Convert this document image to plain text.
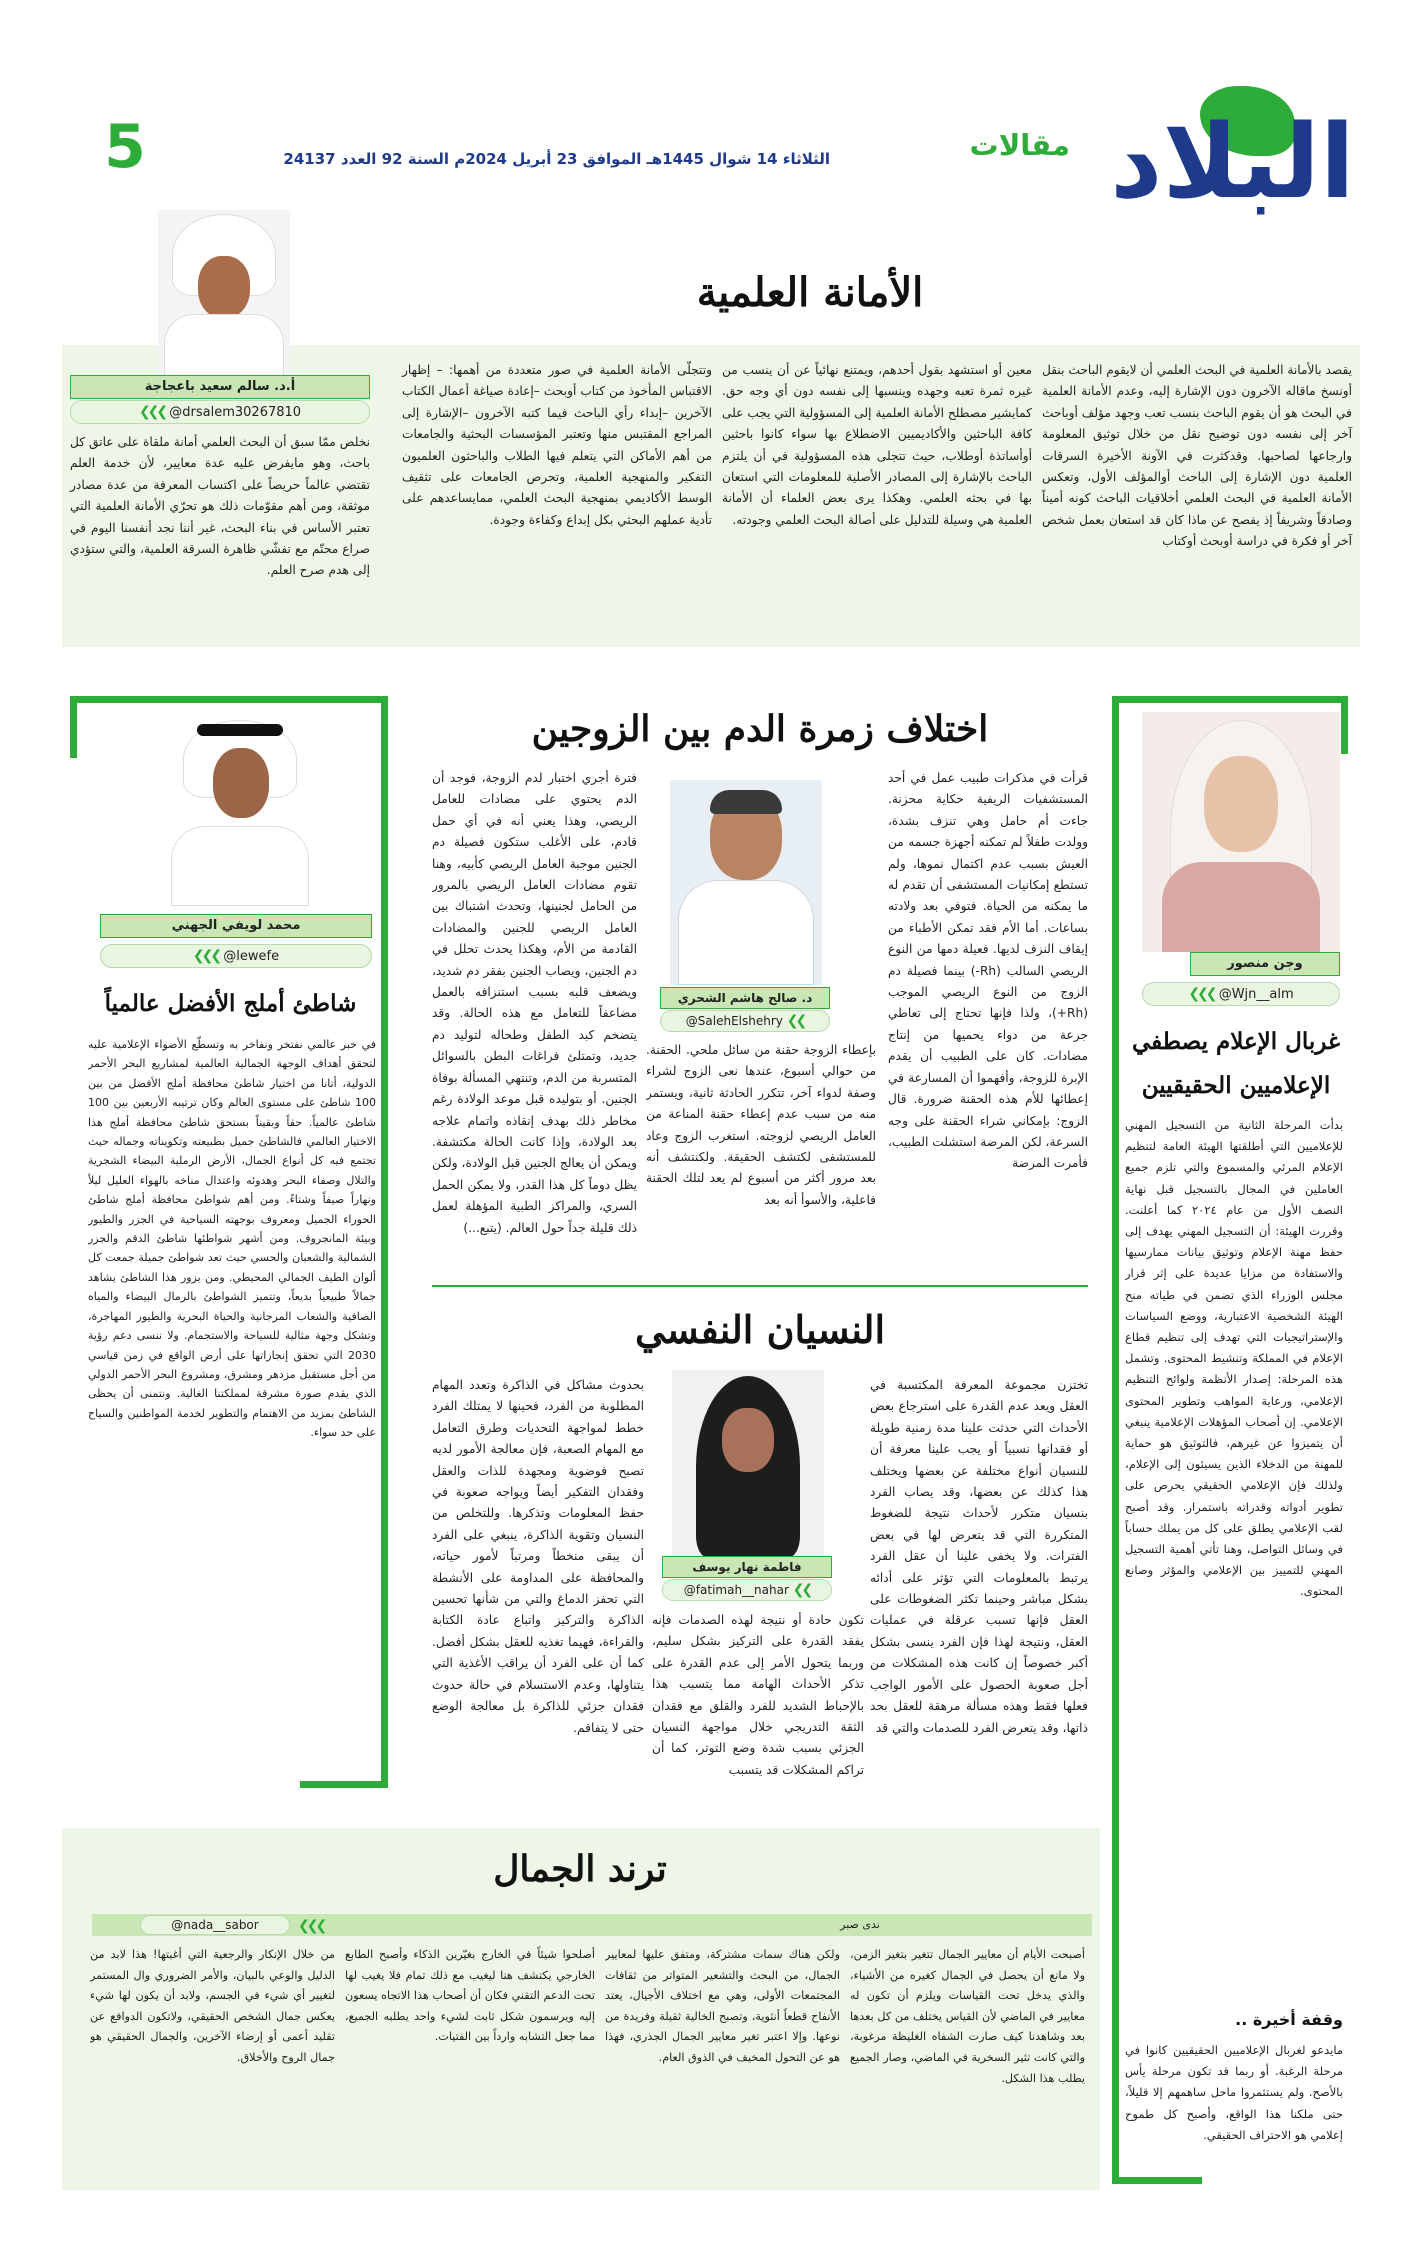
البلاد
مقالات
الثلاثاء 14 شوال 1445هـ الموافق 23 أبريل 2024م السنة 92 العدد 24137
5
الأمانة العلمية
أ.د. سالم سعيد باعجاجة
❮❮❮ @drsalem30267810
يقصد بالأمانة العلمية في البحث العلمي أن لايقوم الباحث بنقل أونسخ ماقاله الآخرون دون الإشارة إليه، وعدم الأمانة العلمية في البحث هو أن يقوم الباحث بنسب تعب وجهد مؤلف أوباحث آخر إلى نفسه دون توضيح نقل من خلال توثيق المعلومة وارجاعها لصاحبها. وقدكثرت في الآونة الأخيرة السرقات العلمية دون الإشارة إلى الباحث أوالمؤلف الأول، وتعكس الأمانة العلمية في البحث العلمي أخلاقيات الباحث كونه أميناً وصادقاً وشريفاً إذ يفصح عن ماذا كان قد استعان بعمل شخص آخر أو فكرة في دراسة أوبحث أوكتاب
معين أو استشهد بقول أحدهم، ويمتنع نهائياً عن أن ينسب من غيره ثمرة تعبه وجهده وينسبها إلى نفسه دون أي وجه حق. كمايشير مصطلح الأمانة العلمية إلى المسؤولية التي يجب على كافة الباحثين والأكاديميين الاضطلاع بها سواء كانوا باحثين أوأساتذة أوطلاب، حيث تتجلى هذه المسؤولية في أن يلتزم الباحث بالإشارة إلى المصادر الأصلية للمعلومات التي استعان بها في بحثه العلمي. وهكذا يرى بعض العلماء أن الأمانة العلمية هي وسيلة للتدليل على أصالة البحث العلمي وجودته.
وتتجلّى الأمانة العلمية في صور متعددة من أهمها: – إظهار الاقتباس المأخوذ من كتاب أوبحث –إعادة صياغة أعمال الكتاب الآخرين –إبداء رأي الباحث فيما كتبه الآخرون –الإشارة إلى المراجع المقتبس منها وتعتبر المؤسسات البحثية والجامعات من أهم الأماكن التي يتعلم فيها الطلاب والباحثون العلميون التفكير والمنهجية العلمية، وتحرص الجامعات على تثقيف الوسط الأكاديمي بمنهجية البحث العلمي، ممايساعدهم على تأدية عملهم البحثي بكل إبداع وكفاءة وجودة.
نخلص ممّا سبق أن البحث العلمي أمانة ملقاة على عاتق كل باحث، وهو مايفرض عليه عدة معايير، لأن خدمة العلم تقتضي عالماً حريصاً على اكتساب المعرفة من عدة مصادر موثقة، ومن أهم مقوّمات ذلك هو تحرّي الأمانة العلمية التي تعتبر الأساس في بناء البحث، غير أننا نجد أنفسنا اليوم في صراع محتّم مع تفشّي ظاهرة السرقة العلمية، والتي ستؤدي إلى هدم صرح العلم.
وجن منصور
❮❮❮ @Wjn__alm
غربال الإعلام يصطفي
الإعلاميين الحقيقيين
بدأت المرحلة الثانية من التسجيل المهني للإعلاميين التي أطلقتها الهيئة العامة لتنظيم الإعلام المرئي والمسموع والتي تلزم جميع العاملين في المجال بالتسجيل قبل نهاية النصف الأول من عام ٢٠٢٤ كما أعلنت. وقررت الهيئة: أن التسجيل المهني يهدف إلى حفظ مهنة الإعلام وتوثيق بيانات ممارسيها والاستفادة من مزايا عديدة على إثر قرار مجلس الوزراء الذي تضمن في طياته منح الهيئة الشخصية الاعتبارية، ووضع السياسات والإستراتيجيات التي تهدف إلى تنظيم قطاع الإعلام في المملكة وتنشيط المحتوى. وتشمل هذه المرحلة: إصدار الأنظمة ولوائح التنظيم الإعلامي، ورعاية المواهب وتطوير المحتوى الإعلامي. إن أصحاب المؤهلات الإعلامية ينبغي أن يتميزوا عن غيرهم، فالتوثيق هو حماية للمهنة من الدخلاء الذين يسيئون إلى الإعلام، ولذلك فإن الإعلامي الحقيقي يحرص على تطوير أدواته وقدراته باستمرار. وقد أصبح لقب الإعلامي يطلق على كل من يملك حساباً في وسائل التواصل، وهنا تأتي أهمية التسجيل المهني للتمييز بين الإعلامي والمؤثر وصانع المحتوى.
وقفة أخيرة ..
مايدعو لغربال الإعلاميين الحقيقيين كانوا في مرحلة الرغبة. أو ربما قد تكون مرحلة يأس بالأصح. ولم يستثمروا ماحل ساهمهم إلا قليلاً، حتى ملكنا هذا الواقع، وأصبح كل طموح إعلامي هو الاحتراف الحقيقي.
اختلاف زمرة الدم بين الزوجين
د. صالح هاشم الشحري
@SalehElshehry ❮❮
قرأت في مذكرات طبيب عمل في أحد المستشفيات الريفية حكاية محزنة. جاءت أم حامل وهي تنزف بشدة، وولدت طفلاً لم تمكنه أجهزة جسمه من العيش بسبب عدم اكتمال نموها، ولم تستطع إمكانيات المستشفى أن تقدم له ما يمكنه من الحياة. فتوفي بعد ولادته بساعات. أما الأم فقد تمكن الأطباء من إيقاف النزف لديها. فعيلة دمها من النوع الريصي السالب (Rh-) بينما فصيلة دم الزوج من النوع الريصي الموجب (Rh+)، ولذا فإنها تحتاج إلى تعاطي جرعة من دواء يحميها من إنتاج مضادات. كان على الطبيب أن يقدم الإبرة للزوجة، وأفهموا أن المسارعة في إعطائها للأم هذه الحقنة ضرورة. قال الزوج: بإمكاني شراء الحقنة على وجه السرعة، لكن المرضة استشلت الطبيب، فأمرت المرضة
بإعطاء الزوجة حقنة من سائل ملحي. الحقنة. من حوالي أسبوع، عندها نعى الزوج لشراء وصفة لدواء آخر، تتكرر الحادثة ثانية، ويستمر منه من سبب عدم إعطاء حقنة المناعة من العامل الريصي لزوجته. استغرب الزوج وعاد للمستشفى لكتشف الحقيقة. ولكنتشف أنه بعد مرور أكثر من أسبوع لم يعد لتلك الحقنة فاعلية، والأسوأ أنه بعد
فترة أجري اختبار لدم الزوجة، فوجد أن الدم يحتوي على مضادات للعامل الريصي، وهذا يعني أنه في أي حمل قادم، على الأغلب ستكون فصيلة دم الجنين موجبة العامل الريصي كأبيه، وهنا تقوم مضادات العامل الريصي بالمرور من الحامل لجنينها، وتحدث اشتباك بين العامل الريصي للجنين والمضادات القادمة من الأم، وهكذا يحدث تحلل في دم الجنين، ويصاب الجنين بفقر دم شديد، ويضعف قلبه بسبب استنزافه بالعمل مضاعفاً للتعامل مع هذه الحالة. وقد يتضخم كبد الطفل وطحاله لتوليد دم جديد، وتمتلئ فراغات البطن بالسوائل المتسربة من الدم، وتنتهي المسألة بوفاة الجنين. أو بتوليده قبل موعد الولادة رغم مخاطر ذلك بهدف إنقاذه واتمام علاجه بعد الولادة، وإذا كانت الحالة مكتشفة. ويمكن أن يعالج الجنين قبل الولادة، ولكن يظل دوماً كل هذا القدر، ولا يمكن الحمل السري، والمراكز الطبية المؤهلة لعمل ذلك قليلة جداً حول العالم. (يتبع...)
النسيان النفسي
فاطمة نهار يوسف
@fatimah__nahar ❮❮
تختزن مجموعة المعرفة المكتسبة في العقل ويعد عدم القدرة على استرجاع بعض الأحداث التي حدثت علينا مدة زمنية طويلة أو فقدانها نسبياً أو يجب علينا معرفة أن للنسيان أنواع مختلفة عن بعضها ويختلف هذا كذلك عن بعضها، وقد يصاب الفرد بنسيان متكرر لأحداث نتيجة للضغوط المتكررة التي قد يتعرض لها في بعض الفترات. ولا يخفى علينا أن عقل الفرد يرتبط بالمعلومات التي تؤثر على أدائه بشكل مباشر وحينما تكثر الضغوطات على العقل فإنها تسبب عرقلة في عمليات العقل، ونتيجة لهذا فإن الفرد ينسى بشكل أكبر خصوصاً إن كانت هذه المشكلات من أجل صعوبة الحصول على الأمور الواجب فعلها فقط وهذه مسألة مرهقة للعقل بحد ذاتها، وقد يتعرض الفرد للصدمات والتي قد
تكون حادة أو نتيجة لهذه الصدمات فإنه يفقد القدرة على التركيز بشكل سليم، وربما يتحول الأمر إلى عدم القدرة على تذكر الأحداث الهامة مما يتسبب هذا بالإحباط الشديد للفرد والقلق مع فقدان الثقة التدريجي خلال مواجهة النسيان الجزئي بسبب شدة وضع التوتر، كما أن تراكم المشكلات قد يتسبب
بحدوث مشاكل في الذاكرة وتعدد المهام المطلوبة من الفرد، فحينها لا يمتلك الفرد خطط لمواجهة التحديات وطرق التعامل مع المهام الصعبة، فإن معالجة الأمور لديه تصبح فوضوية ومجهدة للذات والعقل وفقدان التفكير أيضاً ويواجه صعوبة في حفظ المعلومات وتذكرها. وللتخلص من النسيان وتقوية الذاكرة، ينبغي على الفرد أن يبقى منخطاً ومرتباً لأمور حياته، والمحافظة على المداومة على الأنشطة التي تحفز الدماغ والتي من شأنها تحسين الذاكرة والتركيز واتباع عادة الكتابة والقراءة، فهيما تغذيه للعقل بشكل أفضل. كما أن على الفرد أن يراقب الأغذية التي يتناولها، وعدم الاستسلام في حالة حدوث فقدان جزئي للذاكرة بل معالجة الوضع حتى لا يتفاقم.
محمد لويفي الجهني
❮❮❮ @lewefe
شاطئ أملج الأفضل عالمياً
في خبر عالمي نفتخر ونفاخر به وتسطّع الأضواء الإعلامية عليه لتحقق أهداف الوجهة الجمالية العالمية لمشاريع البحر الأحمر الدولية، أتانا من اختيار شاطئ محافظة أملج الأفضل من بين 100 شاطئ على مستوى العالم وكان ترتيبه الأربعين بين 100 شاطئ عالمياً. حقاً وبقيناً بستحق شاطئ محافظة أملج هذا الاختيار العالمي فالشاطئ جميل بطبيعته وتكويناته وجماله حيث تجتمع فيه كل أنواع الجمال، الأرض الرملية البيضاء الشجرية والتلال وصفاء البحر وهدوئه واعتدال مناخه بالهواء العليل ليلاً ونهاراً صيفاً وشتاءً. ومن أهم شواطئ محافظة أملج شاطئ الحوراء الجميل ومعروف بوجهته السياحية في الجزر والطيور وبيئة المانجروف. ومن أشهر شواطئها شاطئ الدقم والجزر الشمالية والشعبان والحسي حيث تعد شواطئ جميلة جمعت كل ألوان الطيف الجمالي المحيطي. ومن يزور هذا الشاطئ يشاهد جمالاً طبيعياً بديعاً، وتتميز الشواطئ بالرمال البيضاء والمياه الصافية والشعاب المرجانية والحياة البحرية والطيور المهاجرة، وتشكل وجهة مثالية للسياحة والاستجمام. ولا ننسى دعم رؤية 2030 التي تحقق إنجازاتها على أرض الواقع في زمن قياسي من أجل مستقبل مزدهر ومشرق، ومشروع البحر الأحمر الدولي الذي يقدم صورة مشرقة لمملكتنا الغالية. ونتمنى أن يحظى الشاطئ بمزيد من الاهتمام والتطوير لخدمة المواطنين والسياح على حد سواء.
ترند الجمال
ندى صبر
@nada__sabor	❮❮❮
أصبحت الأيام أن معايير الجمال تتغير بتغير الزمن، ولا مانع أن يحصل في الجمال كغيره من الأشياء، والذي يدخل تحت القياسات ويلزم أن تكون له معايير في الماضي لأن القياس يختلف من كل بعدها بعد وشاهدنا كيف صارت الشفاه الغليظة مرغوبة، والتي كانت تثير السخرية في الماضي، وصار الجميع يطلب هذا الشكل.
ولكن هناك سمات مشتركة، ومتفق عليها لمعايير الجمال، من البحث والتشعير المتواتر من ثقافات المجتمعات الأولى، وهي مع اختلاف الأجيال، يعتد الأنفاح قطعاً أنثوية، وتصبح الخالية ثقيلة وفريدة من نوعها. وإلا اعتبر تغير معايير الجمال الجذري، فهذا هو عن التحول المخيف في الذوق العام.
أصلحوا شيئاً في الخارج بغيّرين الذكاء وأصبح الطابع الخارجي يكتشف هنا ليغيب مع ذلك تمام فلا يغيب لها تحت الدعم التقني فكان أن أصحاب هذا الاتجاه يسعون إليه ويرسمون شكل ثابت لشيء واحد يطلبه الجميع، مما جعل التشابه وارداً بين الفتيات.
من خلال الإنكار والرجعية التي أغبتها! هذا لابد من الدليل والوعي بالبيان، والأمر الضروري وال المستمر لتغيير أي شيء في الجسم، ولابد أن يكون لها شيء يعكس جمال الشخص الحقيقي، ولاتكون الدوافع عن تقليد أعمى أو إرضاء الآخرين، والجمال الحقيقي هو جمال الروح والأخلاق.
